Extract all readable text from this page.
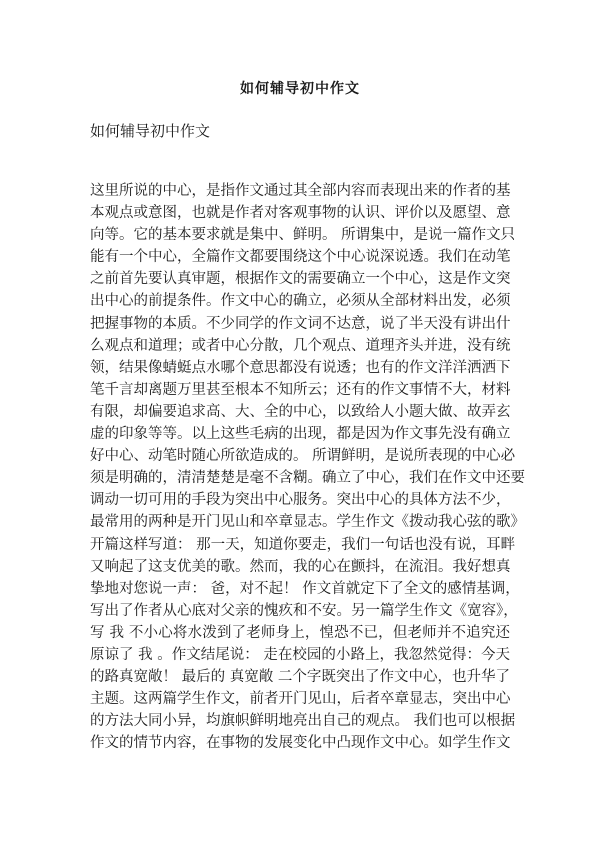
如何辅导初中作文
如何辅导初中作文
这里所说的中心，是指作文通过其全部内容而表现出来的作者的基
本观点或意图，也就是作者对客观事物的认识、评价以及愿望、意
向等。它的基本要求就是集中、鲜明。 所谓集中，是说一篇作文只
能有一个中心，全篇作文都要围绕这个中心说深说透。我们在动笔
之前首先要认真审题，根据作文的需要确立一个中心，这是作文突
出中心的前提条件。作文中心的确立，必须从全部材料出发，必须
把握事物的本质。不少同学的作文词不达意，说了半天没有讲出什
么观点和道理；或者中心分散，几个观点、道理齐头并进，没有统
领，结果像蜻蜓点水哪个意思都没有说透；也有的作文洋洋洒洒下
笔千言却离题万里甚至根本不知所云；还有的作文事情不大，材料
有限，却偏要追求高、大、全的中心，以致给人小题大做、故弄玄
虚的印象等等。以上这些毛病的出现，都是因为作文事先没有确立
好中心、动笔时随心所欲造成的。 所谓鲜明，是说所表现的中心必
须是明确的，清清楚楚是毫不含糊。确立了中心，我们在作文中还要
调动一切可用的手段为突出中心服务。突出中心的具体方法不少，
最常用的两种是开门见山和卒章显志。学生作文《拨动我心弦的歌》
开篇这样写道： 那一天，知道你要走，我们一句话也没有说，耳畔
又响起了这支优美的歌。然而，我的心在颤抖，在流泪。我好想真
挚地对您说一声： 爸，对不起！ 作文首就定下了全文的感情基调，
写出了作者从心底对父亲的愧疚和不安。另一篇学生作文《宽容》，
写 我 不小心将水泼到了老师身上，惶恐不已，但老师并不追究还
原谅了 我 。作文结尾说： 走在校园的小路上，我忽然觉得：今天
的路真宽敞！ 最后的 真宽敞 二个字既突出了作文中心，也升华了
主题。这两篇学生作文，前者开门见山，后者卒章显志，突出中心
的方法大同小异，均旗帜鲜明地亮出自己的观点。 我们也可以根据
作文的情节内容，在事物的发展变化中凸现作文中心。如学生作文
